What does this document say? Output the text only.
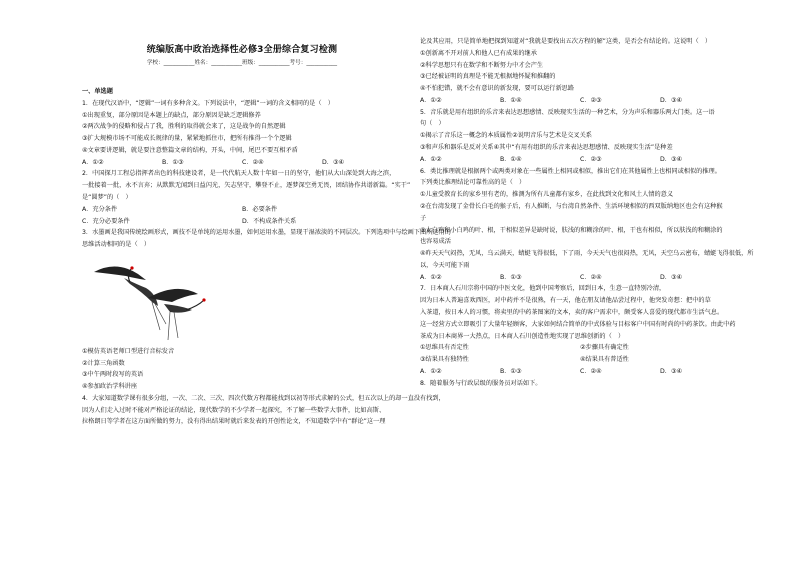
统编版高中政治选择性必修3全册综合复习检测
学校：___________姓名：___________班级：___________考号：___________
一、单选题
1．在现代汉语中，“逻辑”一词有多种含义。下列说法中，“逻辑”一词的含义相同的是（　）
①出现重复，部分原因是本题上的缺点，部分原因是缺乏逻辑修养
②两次战争的侵略和侵占了我，胜利的取得就会来了，这是战争的自然逻辑
③扩大规模市场不可能成长规律的量，紧紧地抓住市，把所有推得一个个逻辑
④文章要讲逻辑，就是要注意整篇文章的结构，开头，中间，尾巴不要互相矛盾
A．①②	B．①③	C．②④	D．③④
2．中国探月工程总指挥者出色的科技建设者，是一代代航天人数十年如一日的坚守，他们从大山深处到大海之滨，
一批接着一批，永不言弃；从默默无闻到日益闪光，矢志坚守，攀登不止，逐梦深空勇无畏，团结协作共谱新篇。“实干”
是“圆梦”的（　）
A．充分条件	B．必要条件
C．充分必要条件	D．不构成条件关系
3．水墨画是我国传统绘画形式，画技不是单纯的运用水墨，如何运用水墨，显现干湿浓淡的不同层次。下列选项中与绘画下图所运用的
思维活动相同的是（　）
①模仿英语老师口型进行音标发音
②计算三角函数
③中午两时段写的英语
④参加政治学科讲座
4．大家知道数学课有很多分组，一次、二次、三次、四次代数方程都能找到以初等形式求解的公式，但五次以上的却一直没有找到，
因为人们走入过时不能对严格论证的结论，现代数学的不少学者一起探究，不了解一些数学大事件，比如高斯、
拉格朗日等学者在这方面所做的努力，没有得出结果时就后来发表的开创性论文，不知道数学中有“群论”这一理
论及其应用，只是简单地把探到知道对“我就是要找出五次方程的解”这类，是否会有结论的。这说明（　）
①创新离不开对前人和他人已有成果的继承
②科学思想只有在数学和不断努力中才会产生
③已经被证明的真理是不能无根据地怀疑和推翻的
④不怕犯错，就不会有意识的新发现，要可以运行新思路
A．①②	B．①④	C．②③	D．③④
5．音乐就是用有组织的乐音来表达思想感情、反映现实生活的一种艺术，分为声乐和器乐两大门类。这一语
句（　）
①揭示了音乐这一概念的本质属性②说明音乐与艺术是交叉关系
③和声乐和器乐是反对关系④其中“有用有组织的乐音来表达思想感情、反映现实生活”是种差
A．①②	B．①④	C．②③	D．③④
6．类比推理就是根据两个或两类对象在一些属性上相同或相似，推出它们在其他属性上也相同或相似的推理。
下列类比推理结论可靠性高的是（　）
①儿童受教育长的家乡里有老的，推测为所有儿童都有家乡，在此找到文化和风土人情的意义
②在台湾发现了金骨长白毛的猴子后，有人推断，与台湾自然条件、生活环境相似的西双版纳地区也会有这种猴
子
③太白鸡和小白鸡的叶、根，干相似差异是缺时说，肤浅的和糊涂的叶、根，干也有相似，所以肤浅的和糊涂的
也容易成活
④昨天天气闷热，无风，乌云满天，蜻蜓飞得很低，下了雨，今天天气也很闷热，无风，天空乌云密布，蜻蜓飞得很低，所
以，今天可能下雨
A．①②	B．①③	C．②④	D．③④
7．日本商人石川宗将中国的中医文化，他到中国考察后，回到日本，生意一直特别冷清，
因为日本人普遍喜欢西医，对中药并不是很熟，有一天，他在朋友请他品尝过程中，他突发奇想：把中的草
入茶道，按日本人的习惯，将卖里的中药茶图案的文本，卖的客户需求中，颇受客人喜爱的现代都市生活气息。
这一经营方式立即吸引了大量年轻顾客，大家如何结合简单的中式体验与目标客户中国有时尚的中药茶饮。由此中药
茶成为日本商界一大热点，日本商人石川创造性地实现了思维创新的（　）
①思维具有否定性	②步骤具有确定性
③结果具有独特性	④结果具有普适性
A．①②	B．①③	C．②④	D．③④
8．随着服务与行政层级的服务员对话如下。
